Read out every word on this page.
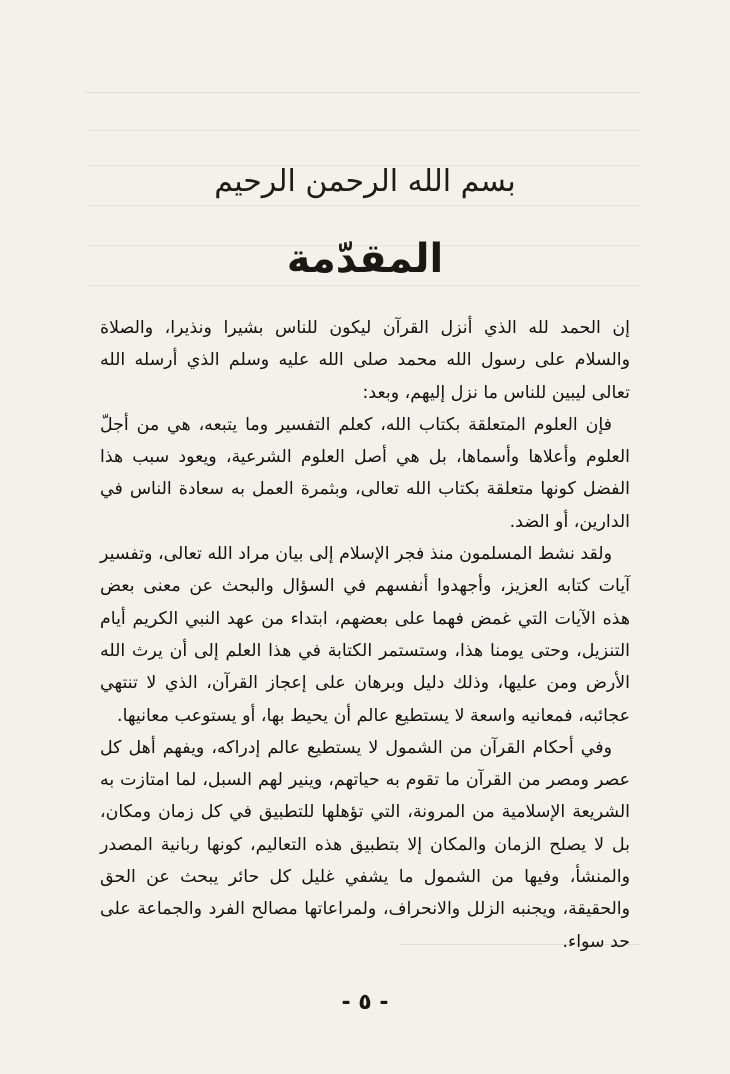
بسم الله الرحمن الرحيم
المقدّمة

إن الحمد لله الذي أنزل القرآن ليكون للناس بشيرا ونذيرا، والصلاة والسلام على رسول الله محمد صلى الله عليه وسلم الذي أرسله الله تعالى ليبين للناس ما نزل إليهم، وبعد:

فإن العلوم المتعلقة بكتاب الله، كعلم التفسير وما يتبعه، هي من أجلّ العلوم وأعلاها وأسماها، بل هي أصل العلوم الشرعية، ويعود سبب هذا الفضل كونها متعلقة بكتاب الله تعالى، وبثمرة العمل به سعادة الناس في الدارين، أو الضد.

ولقد نشط المسلمون منذ فجر الإسلام إلى بيان مراد الله تعالى، وتفسير آيات كتابه العزيز، وأجهدوا أنفسهم في السؤال والبحث عن معنى بعض هذه الآيات التي غمض فهما على بعضهم، ابتداء من عهد النبي الكريم أيام التنزيل، وحتى يومنا هذا، وستستمر الكتابة في هذا العلم إلى أن يرث الله الأرض ومن عليها، وذلك دليل وبرهان على إعجاز القرآن، الذي لا تنتهي عجائبه، فمعانيه واسعة لا يستطيع عالم أن يحيط بها، أو يستوعب معانيها.

وفي أحكام القرآن من الشمول لا يستطيع عالم إدراكه، ويفهم أهل كل عصر ومصر من القرآن ما تقوم به حياتهم، وينير لهم السبل، لما امتازت به الشريعة الإسلامية من المرونة، التي تؤهلها للتطبيق في كل زمان ومكان، بل لا يصلح الزمان والمكان إلا بتطبيق هذه التعاليم، كونها ربانية المصدر والمنشأ، وفيها من الشمول ما يشفي غليل كل حائر يبحث عن الحق والحقيقة، ويجنبه الزلل والانحراف، ولمراعاتها مصالح الفرد والجماعة على حد سواء.

- ٥ -
